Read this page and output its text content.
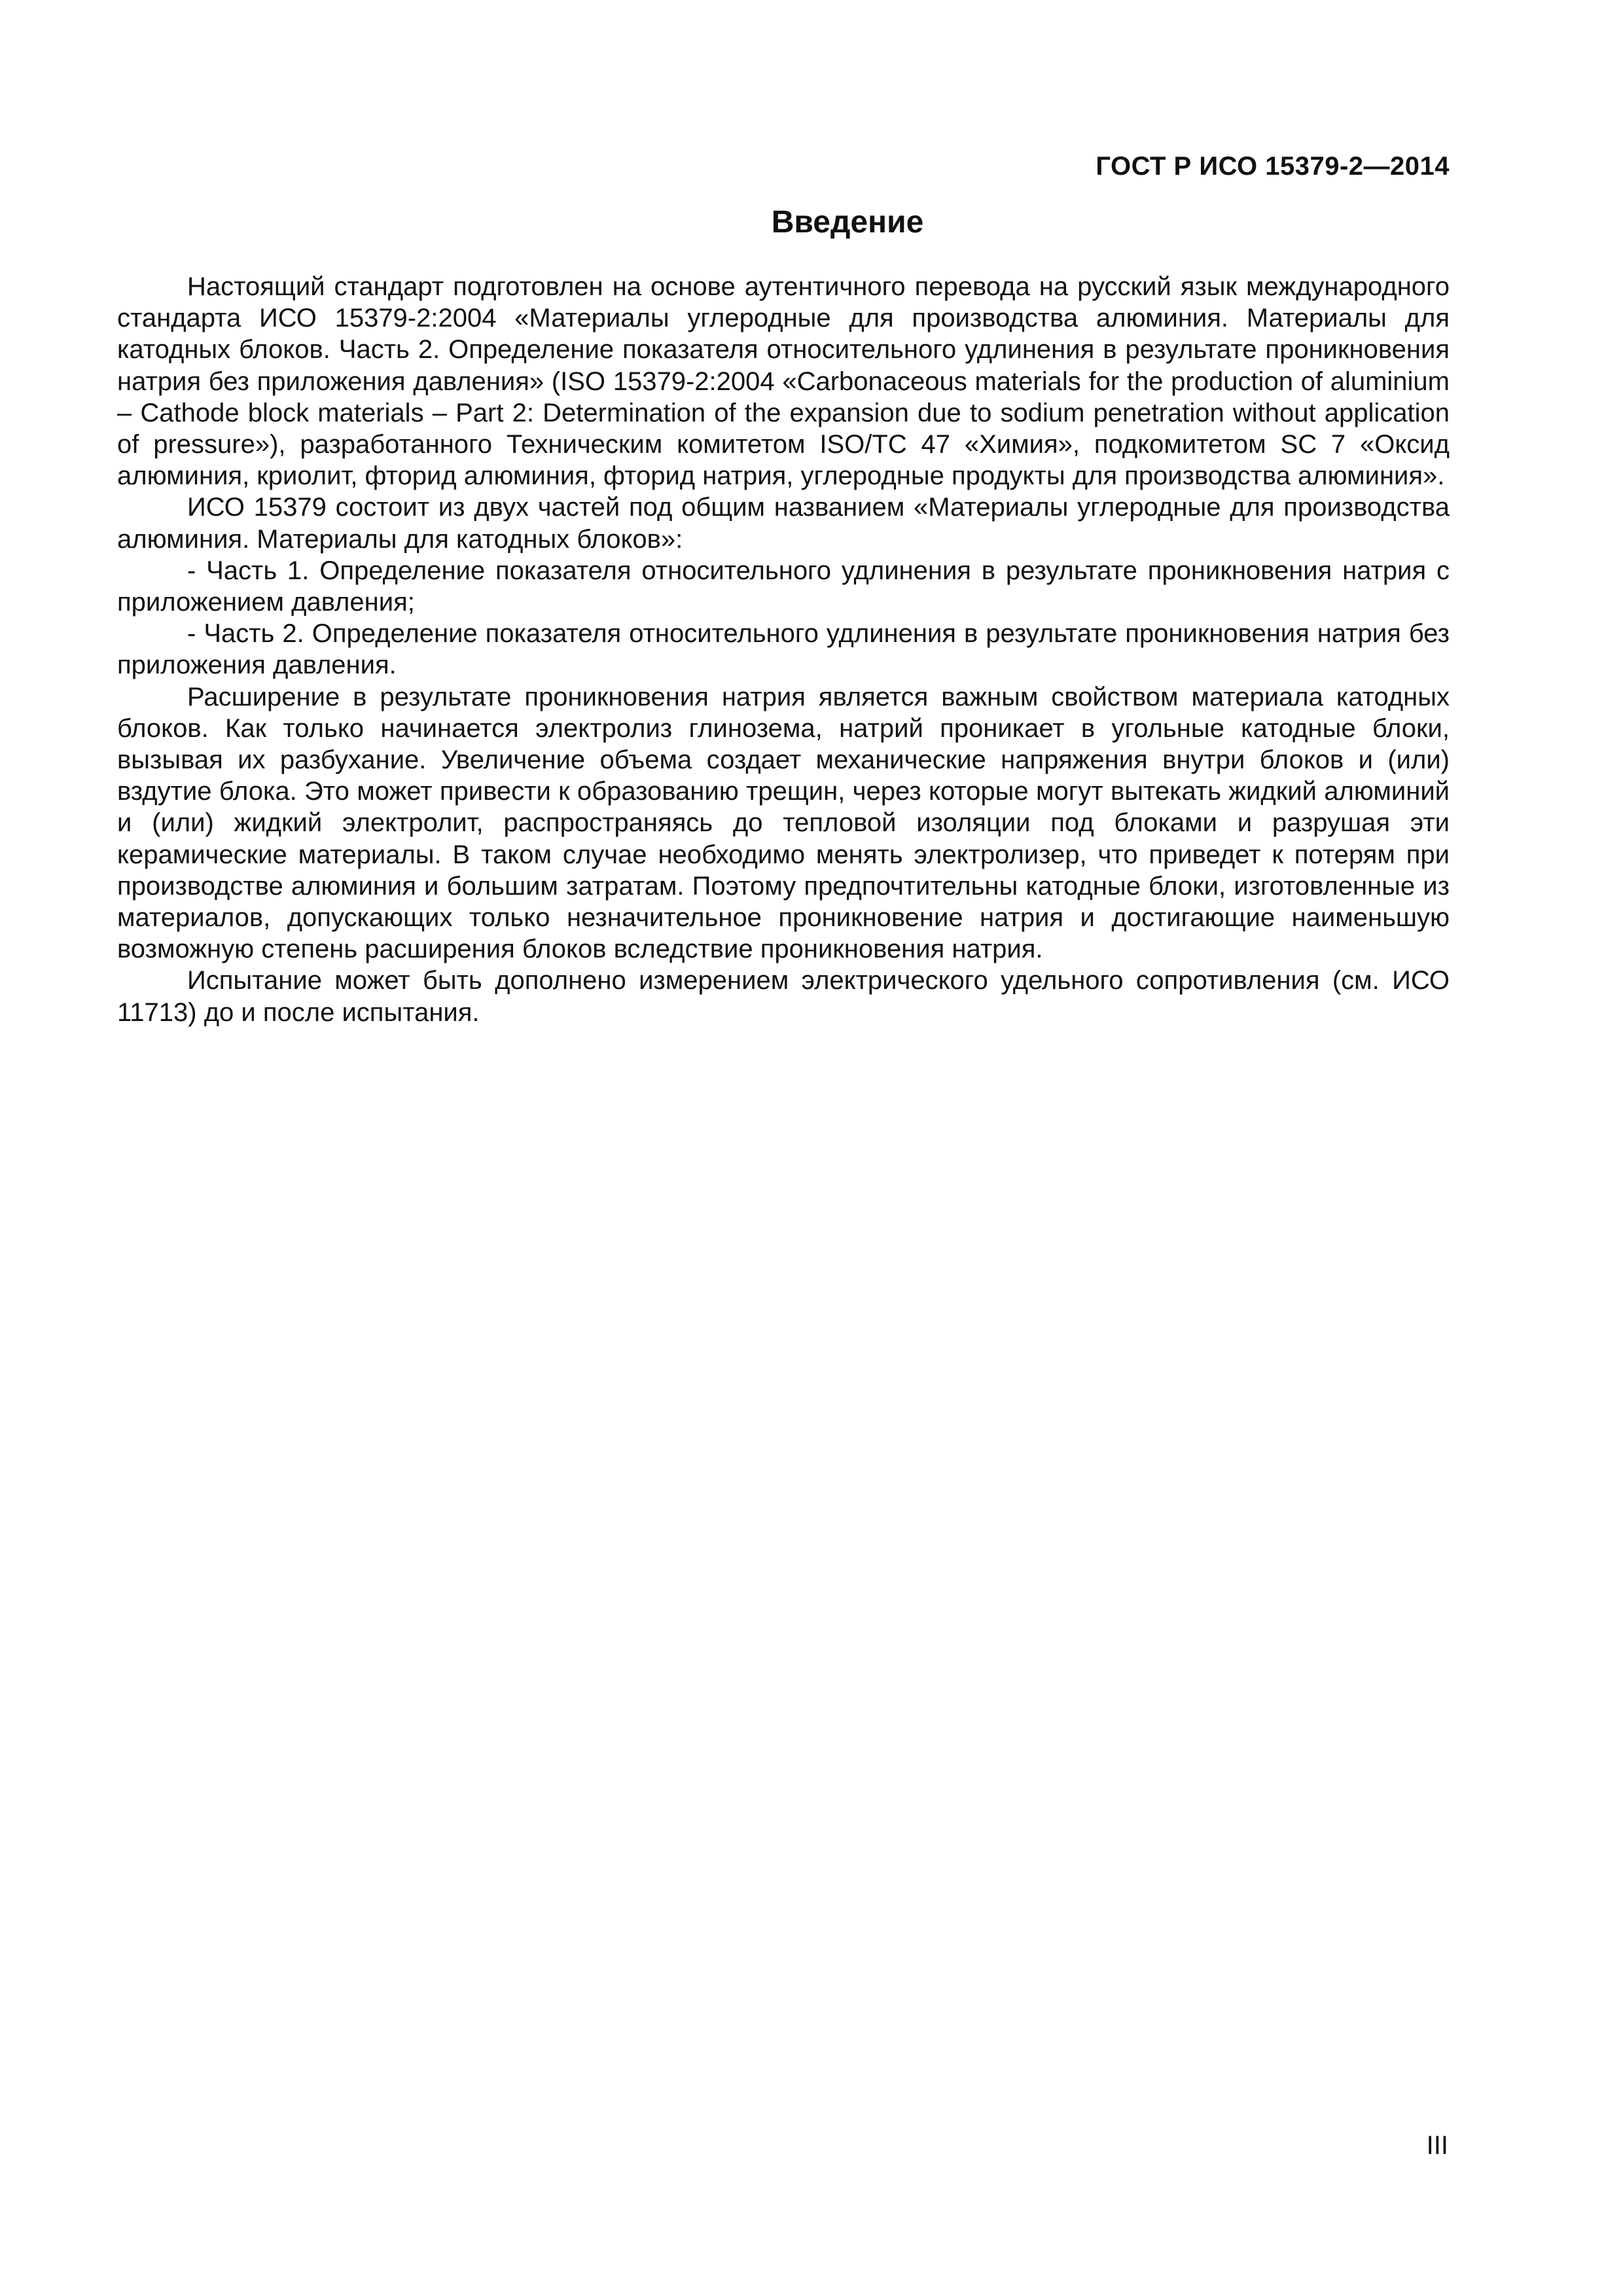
ГОСТ Р ИСО 15379-2—2014
Введение

Настоящий стандарт подготовлен на основе аутентичного перевода на русский язык международного стандарта ИСО 15379-2:2004 «Материалы углеродные для производства алюминия. Материалы для катодных блоков. Часть 2. Определение показателя относительного удлинения в результате проникновения натрия без приложения давления» (ISO 15379-2:2004 «Carbonaceous materials for the production of aluminium – Cathode block materials – Part 2: Determination of the expansion due to sodium penetration without application of pressure»), разработанного Техническим комитетом ISO/TC 47 «Химия», подкомитетом SC 7 «Оксид алюминия, криолит, фторид алюминия, фторид натрия, углеродные продукты для производства алюминия».

ИСО 15379 состоит из двух частей под общим названием «Материалы углеродные для производства алюминия. Материалы для катодных блоков»:

- Часть 1. Определение показателя относительного удлинения в результате проникновения натрия с приложением давления;

- Часть 2. Определение показателя относительного удлинения в результате проникновения натрия без приложения давления.

Расширение в результате проникновения натрия является важным свойством материала катодных блоков. Как только начинается электролиз глинозема, натрий проникает в угольные катодные блоки, вызывая их разбухание. Увеличение объема создает механические напряжения внутри блоков и (или) вздутие блока. Это может привести к образованию трещин, через которые могут вытекать жидкий алюминий и (или) жидкий электролит, распространяясь до тепловой изоляции под блоками и разрушая эти керамические материалы. В таком случае необходимо менять электролизер, что приведет к потерям при производстве алюминия и большим затратам. Поэтому предпочтительны катодные блоки, изготовленные из материалов, допускающих только незначительное проникновение натрия и достигающие наименьшую возможную степень расширения блоков вследствие проникновения натрия.

Испытание может быть дополнено измерением электрического удельного сопротивления (см. ИСО 11713) до и после испытания.

III
